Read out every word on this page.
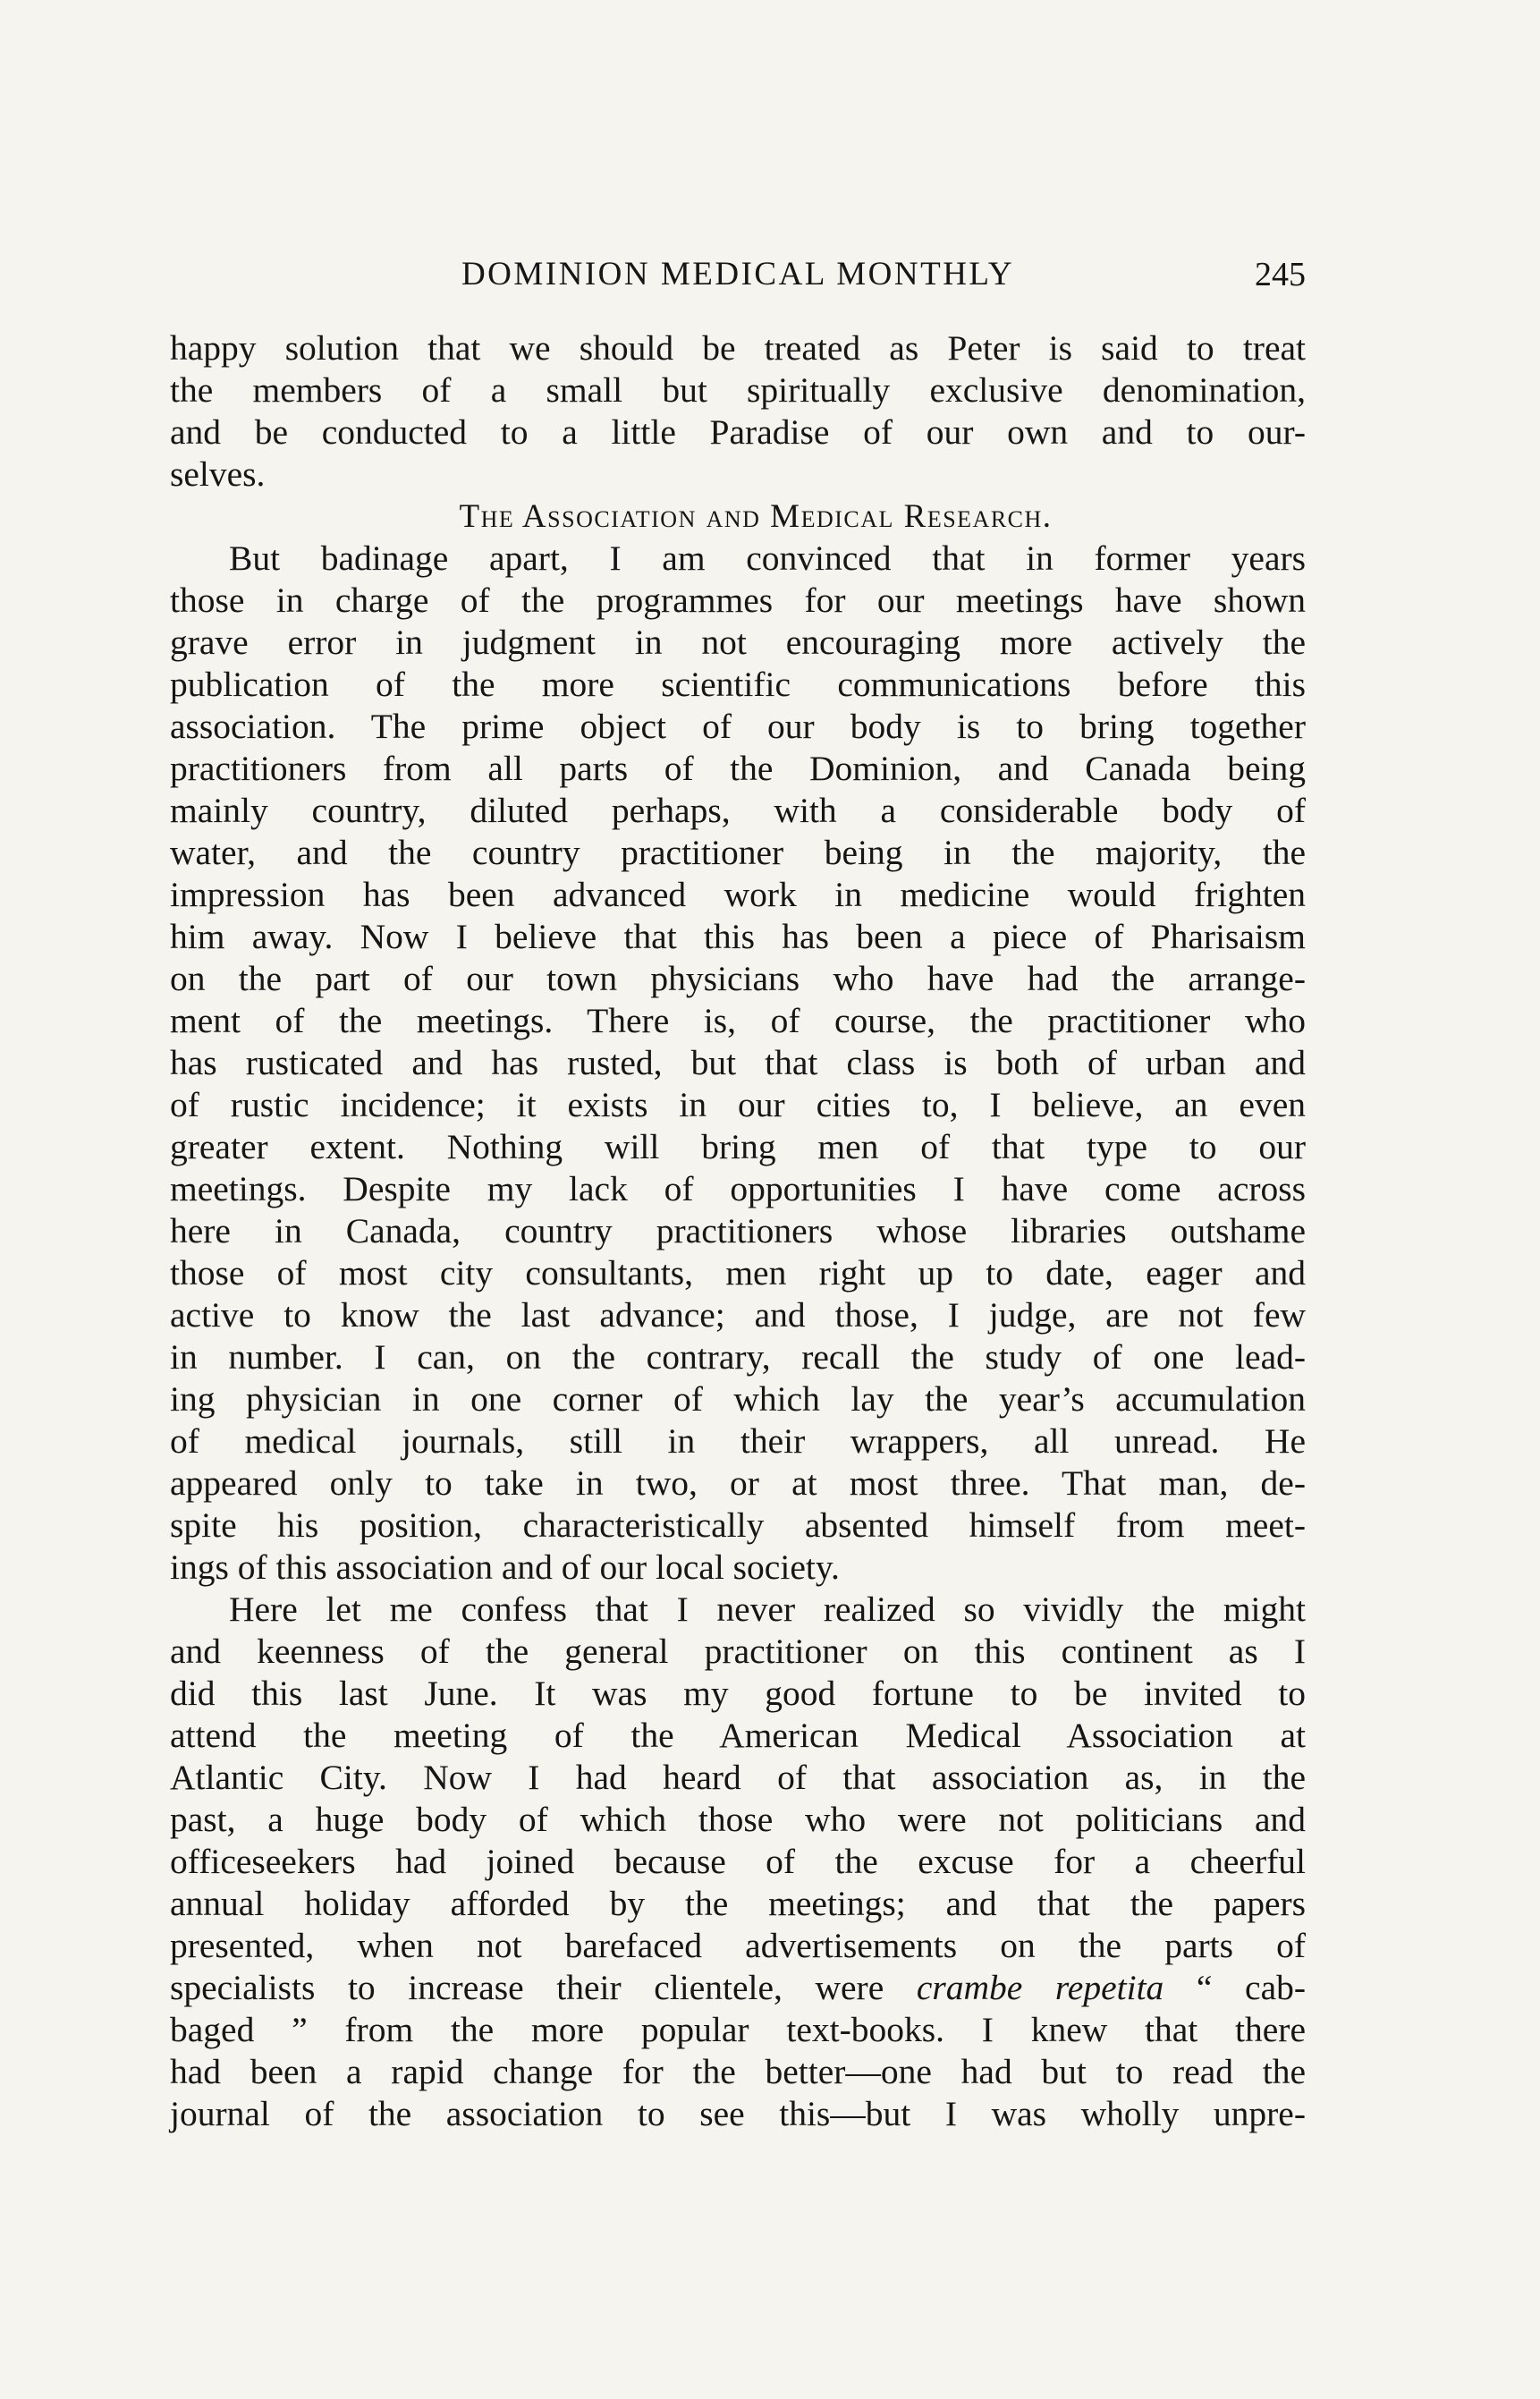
DOMINION MEDICAL MONTHLY	245
happy solution that we should be treated as Peter is said to treat
the members of a small but spiritually exclusive denomination,
and be conducted to a little Paradise of our own and to our-
selves.
The Association and Medical Research.
But badinage apart, I am convinced that in former years
those in charge of the programmes for our meetings have shown
grave error in judgment in not encouraging more actively the
publication of the more scientific communications before this
association. The prime object of our body is to bring together
practitioners from all parts of the Dominion, and Canada being
mainly country, diluted perhaps, with a considerable body of
water, and the country practitioner being in the majority, the
impression has been advanced work in medicine would frighten
him away. Now I believe that this has been a piece of Pharisaism
on the part of our town physicians who have had the arrange-
ment of the meetings. There is, of course, the practitioner who
has rusticated and has rusted, but that class is both of urban and
of rustic incidence; it exists in our cities to, I believe, an even
greater extent. Nothing will bring men of that type to our
meetings. Despite my lack of opportunities I have come across
here in Canada, country practitioners whose libraries outshame
those of most city consultants, men right up to date, eager and
active to know the last advance; and those, I judge, are not few
in number. I can, on the contrary, recall the study of one lead-
ing physician in one corner of which lay the year’s accumulation
of medical journals, still in their wrappers, all unread. He
appeared only to take in two, or at most three. That man, de-
spite his position, characteristically absented himself from meet-
ings of this association and of our local society.
Here let me confess that I never realized so vividly the might
and keenness of the general practitioner on this continent as I
did this last June. It was my good fortune to be invited to
attend the meeting of the American Medical Association at
Atlantic City. Now I had heard of that association as, in the
past, a huge body of which those who were not politicians and
officeseekers had joined because of the excuse for a cheerful
annual holiday afforded by the meetings; and that the papers
presented, when not barefaced advertisements on the parts of
specialists to increase their clientele, were crambe repetita “ cab-
baged ” from the more popular text-books. I knew that there
had been a rapid change for the better—one had but to read the
journal of the association to see this—but I was wholly unpre-
